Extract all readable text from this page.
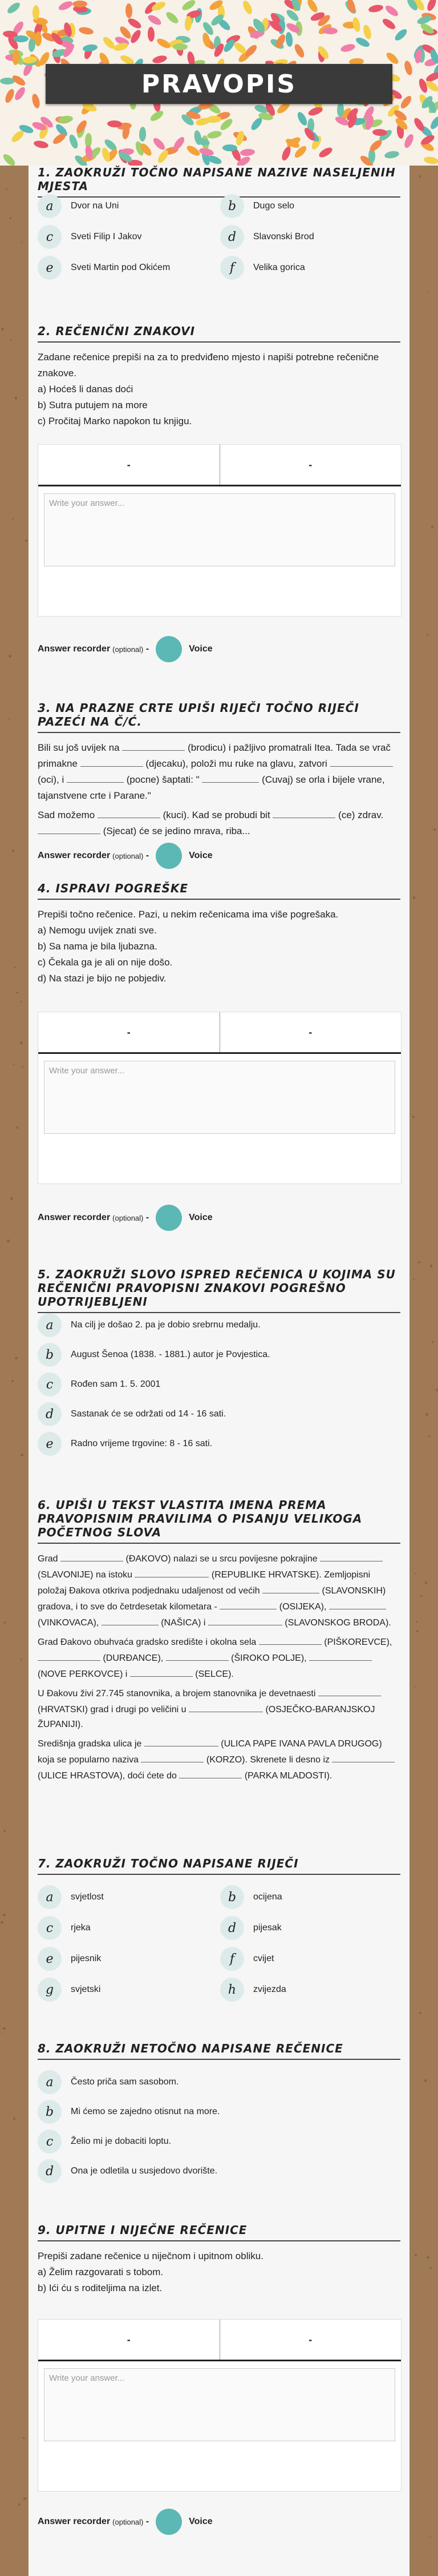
PRAVOPIS
1. ZAOKRUŽI TOČNO NAPISANE NAZIVE NASELJENIH MJESTA
a	Dvor na Uni	b	Dugo selo
c	Sveti Filip I Jakov	d	Slavonski Brod
e	Sveti Martin pod Okićem	f	Velika gorica
2. REČENIČNI ZNAKOVI

Zadane rečenice prepiši na za to predviđeno mjesto i napiši potrebne rečenične znakove.

a) Hoćeš li danas doći

b) Sutra putujem na more

c) Pročitaj Marko napokon tu knjigu.

-	-
Write your answer...
Answer recorder (optional) -	Voice
3. NA PRAZNE CRTE UPIŠI RIJEČI TOČNO RIJEČI PAZEĆI NA Č/Ć.

Bili su još uvijek na	(brodicu) i pažljivo promatrali Itea. Tada se vrač primakne	(djecaku), položi mu ruke na glavu, zatvori  (oci), i	(pocne) šaptati: "	(Cuvaj) se orla i bijele vrane, tajanstvene crte i Parane."

Sad možemo	(kuci). Kad se probudi bit	(ce) zdrav.  (Sjecat) će se jedino mrava, riba...

4. ISPRAVI POGREŠKE

Prepiši točno rečenice. Pazi, u nekim rečenicama ima više pogrešaka.

a) Nemogu uvijek znati sve.

b) Sa nama je bila ljubazna.

c) Čekala ga je ali on nije došo.

d) Na stazi je bijo ne pobjediv.

-	-
Write your answer...
Answer recorder (optional) -	Voice
Answer recorder (optional) -	Voice
5. ZAOKRUŽI SLOVO ISPRED REČENICA U KOJIMA SU REČENIČNI PRAVOPISNI ZNAKOVI POGREŠNO UPOTRIJEBLJENI
a	Na cilj je došao 2. pa je dobio srebrnu medalju.
b	August Šenoa (1838. - 1881.) autor je Povjestica.
c	Rođen sam 1. 5. 2001
d	Sastanak će se održati od 14 - 16 sati.
e	Radno vrijeme trgovine: 8 - 16 sati.
6. UPIŠI U TEKST VLASTITA IMENA PREMA PRAVOPISNIM PRAVILIMA O PISANJU VELIKOGA POČETNOG SLOVA

Grad	(ĐAKOVO) nalazi se u srcu povijesne pokrajine  (SLAVONIJE) na istoku	(REPUBLIKE HRVATSKE). Zemljopisni položaj Đakova otkriva podjednaku udaljenost od većih	(SLAVONSKIH) gradova, i to sve do četrdesetak kilometara -	(OSIJEKA),  (VINKOVACA),	(NAŠICA) i	(SLAVONSKOG BRODA).

Grad Đakovo obuhvaća gradsko središte i okolna sela	(PIŠKOREVCE),  (DURĐANCE),	(ŠIROKO POLJE),  (NOVE PERKOVCE) i	(SELCE).

U Đakovu živi 27.745 stanovnika, a brojem stanovnika je devetnaesti  (HRVATSKI) grad i drugi po veličini u	(OSJEČKO-BARANJSKOJ ŽUPANIJI).

Središnja gradska ulica je	(ULICA PAPE IVANA PAVLA DRUGOG) koja se popularno naziva	(KORZO). Skrenete li desno iz  (ULICE HRASTOVA), doći ćete do	(PARKA MLADOSTI).

7. ZAOKRUŽI TOČNO NAPISANE RIJEČI
a	svjetlost	b	ocijena
c	rjeka	d	pijesak
e	pijesnik	f	cvijet
g	svjetski	h	zvijezda
8. ZAOKRUŽI NETOČNO NAPISANE REČENICE
a	Često priča sam sasobom.
b	Mi ćemo se zajedno otisnut na more.
c	Želio mi je dobaciti loptu.
d	Ona je odletila u susjedovo dvorište.
9. UPITNE I NIJEČNE REČENICE

Prepiši zadane rečenice u niječnom i upitnom obliku.

a) Želim razgovarati s tobom.

b) Ići ću s roditeljima na izlet.

-	-
Write your answer...
Answer recorder (optional) -	Voice
